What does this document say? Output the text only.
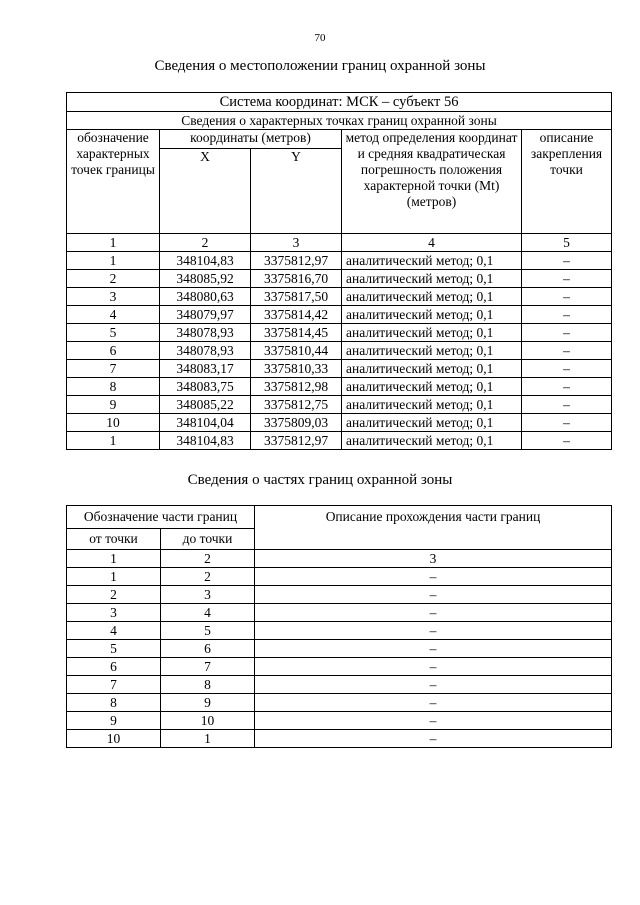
70
Сведения о местоположении границ охранной зоны
Система координат: МСК – субъект 56				
Сведения о характерных точках границ охранной зоны				
обозначение характерных точек границы	координаты (метров)		метод определения координат и средняя квадратическая погрешность положения характерной точки (Mt) (метров)	описание закрепления точки
	X	Y		
1	2	3	4	5
1	348104,83	3375812,97	аналитический метод; 0,1	–
2	348085,92	3375816,70	аналитический метод; 0,1	–
3	348080,63	3375817,50	аналитический метод; 0,1	–
4	348079,97	3375814,42	аналитический метод; 0,1	–
5	348078,93	3375814,45	аналитический метод; 0,1	–
6	348078,93	3375810,44	аналитический метод; 0,1	–
7	348083,17	3375810,33	аналитический метод; 0,1	–
8	348083,75	3375812,98	аналитический метод; 0,1	–
9	348085,22	3375812,75	аналитический метод; 0,1	–
10	348104,04	3375809,03	аналитический метод; 0,1	–
1	348104,83	3375812,97	аналитический метод; 0,1	–
Сведения о частях границ охранной зоны
Обозначение части границ		Описание прохождения части границ
от точки	до точки	
1	2	3
1	2	–
2	3	–
3	4	–
4	5	–
5	6	–
6	7	–
7	8	–
8	9	–
9	10	–
10	1	–
